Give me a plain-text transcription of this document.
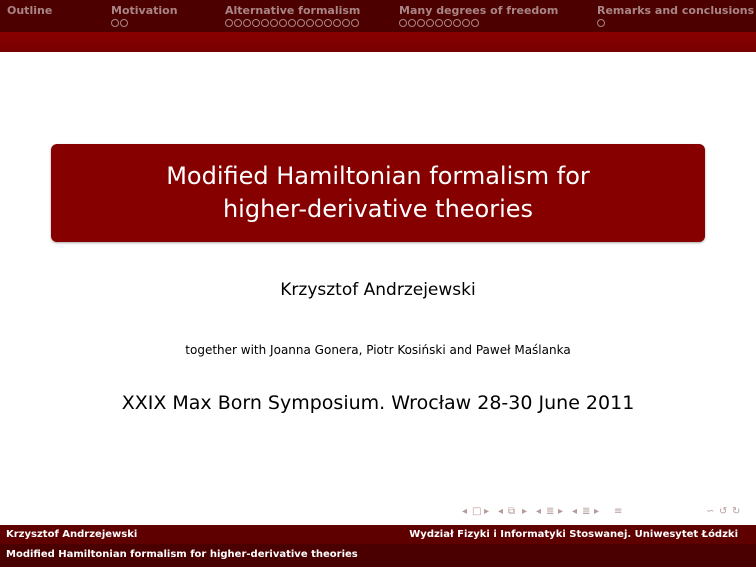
Outline	Motivation	Alternative formalism	Many degrees of freedom	Remarks and conclusions
Modified Hamiltonian formalism for
higher-derivative theories
Krzysztof Andrzejewski
together with Joanna Gonera, Piotr Kosiński and Paweł Maślanka
XXIX Max Born Symposium. Wrocław 28-30 June 2011
◂ □ ▸ ◂ ⧉ ▸ ◂ ≣ ▸ ◂ ≣ ▸ ≡	∽ ↺ ↻
Krzysztof Andrzejewski	Wydział Fizyki i Informatyki Stoswanej. Uniwesytet Łódzki
Modified Hamiltonian formalism for higher-derivative theories
